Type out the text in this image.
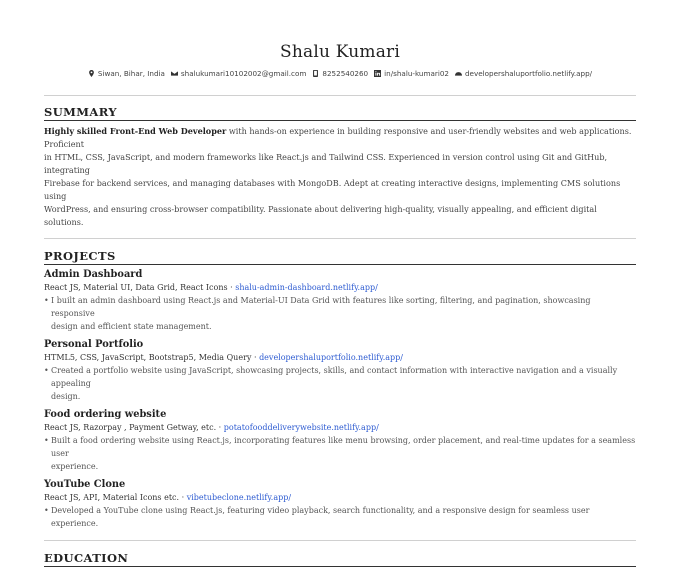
Shalu Kumari
Siwan, Bihar, India shalukumari10102002@gmail.com 8252540260 in/shalu-kumari02 developershaluportfolio.netlify.app/
SUMMARY
Highly skilled Front-End Web Developer with hands-on experience in building responsive and user-friendly websites and web applications. Proficient
in HTML, CSS, JavaScript, and modern frameworks like React.js and Tailwind CSS. Experienced in version control using Git and GitHub, integrating
Firebase for backend services, and managing databases with MongoDB. Adept at creating interactive designs, implementing CMS solutions using
WordPress, and ensuring cross-browser compatibility. Passionate about delivering high-quality, visually appealing, and efficient digital solutions.
PROJECTS
Admin Dashboard
React JS, Material UI, Data Grid, React Icons · shalu-admin-dashboard.netlify.app/
• I built an admin dashboard using React.js and Material-UI Data Grid with features like sorting, filtering, and pagination, showcasing responsive
design and efficient state management.
Personal Portfolio
HTML5, CSS, JavaScript, Bootstrap5, Media Query · developershaluportfolio.netlify.app/
• Created a portfolio website using JavaScript, showcasing projects, skills, and contact information with interactive navigation and a visually appealing
design.
Food ordering website
React JS, Razorpay , Payment Getway, etc. · potatofooddeliverywebsite.netlify.app/
• Built a food ordering website using React.js, incorporating features like menu browsing, order placement, and real-time updates for a seamless user
experience.
YouTube Clone
React JS, API, Material Icons etc. · vibetubeclone.netlify.app/
• Developed a YouTube clone using React.js, featuring video playback, search functionality, and a responsive design for seamless user experience.
EDUCATION
